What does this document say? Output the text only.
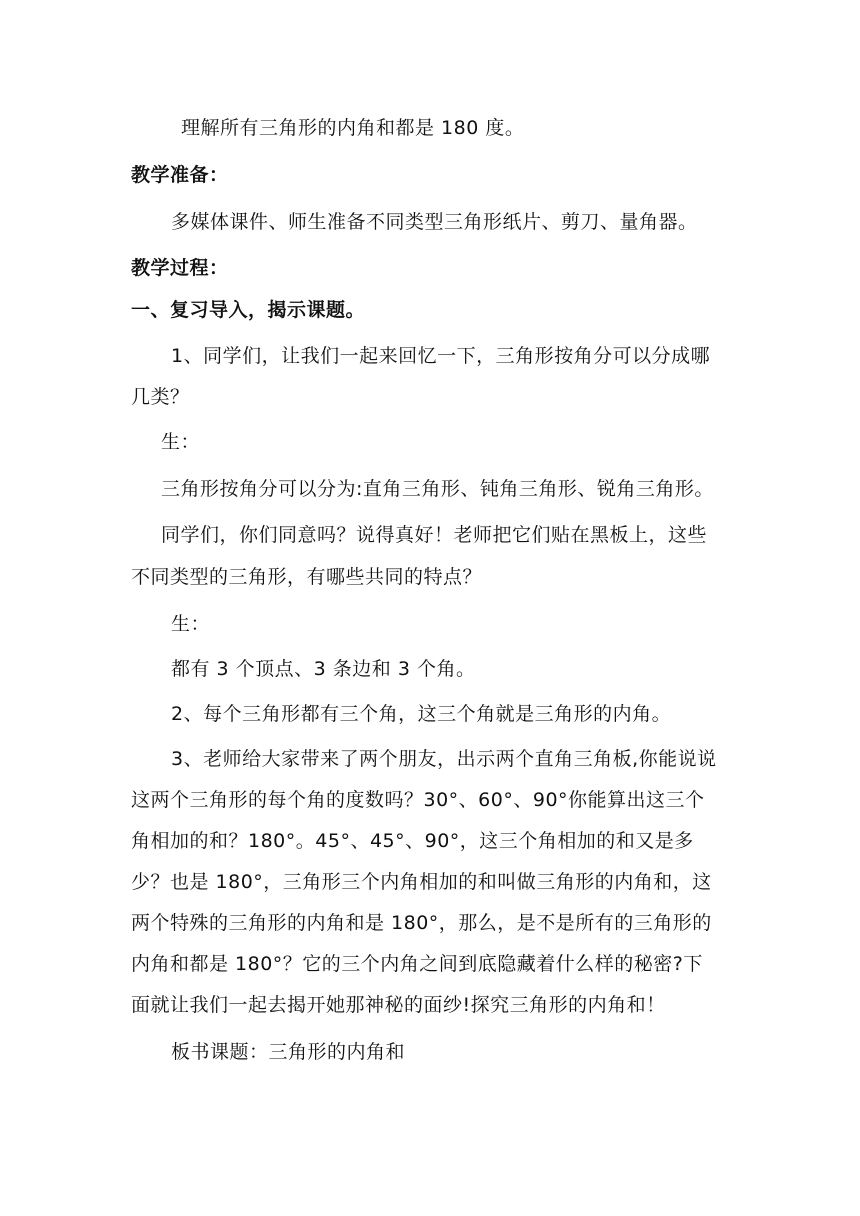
理解所有三角形的内角和都是 180 度。
教学准备：
多媒体课件、师生准备不同类型三角形纸片、剪刀、量角器。
教学过程：
一、复习导入，揭示课题。
1、同学们，让我们一起来回忆一下，三角形按角分可以分成哪
几类？
生：
三角形按角分可以分为:直角三角形、钝角三角形、锐角三角形。
同学们，你们同意吗？说得真好！老师把它们贴在黑板上，这些
不同类型的三角形，有哪些共同的特点？
生：
都有 3 个顶点、3 条边和 3 个角。
2、每个三角形都有三个角，这三个角就是三角形的内角。
3、老师给大家带来了两个朋友，出示两个直角三角板,你能说说
这两个三角形的每个角的度数吗？30°、60°、90°你能算出这三个
角相加的和？180°。45°、45°、90°，这三个角相加的和又是多
少？也是 180°，三角形三个内角相加的和叫做三角形的内角和，这
两个特殊的三角形的内角和是 180°，那么，是不是所有的三角形的
内角和都是 180°？它的三个内角之间到底隐藏着什么样的秘密?下
面就让我们一起去揭开她那神秘的面纱!探究三角形的内角和！
板书课题：三角形的内角和
